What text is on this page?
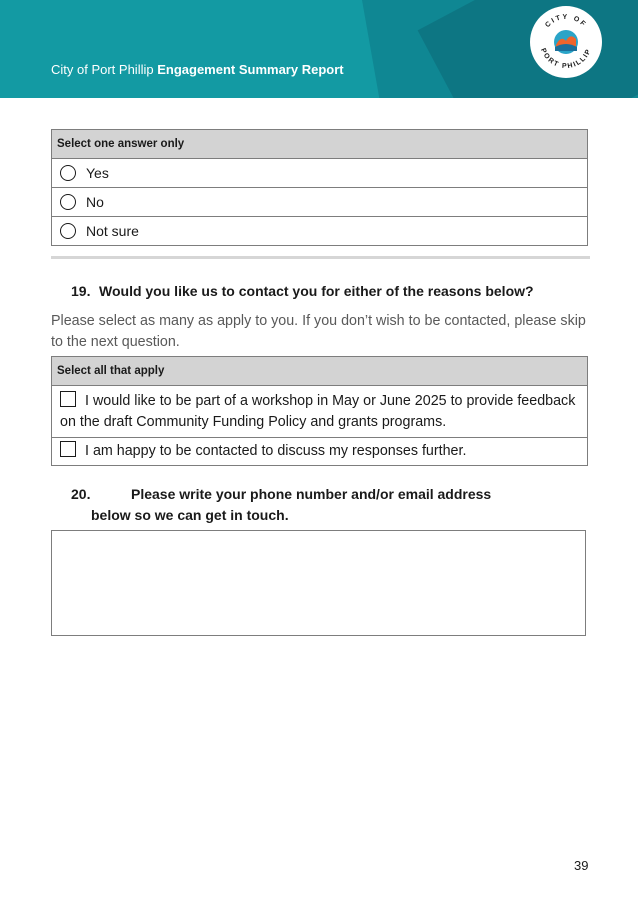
City of Port Phillip Engagement Summary Report
CITY OF
PORT PHILLIP
Select one answer only
Yes
No
Not sure
19. Would you like us to contact you for either of the reasons below?
Please select as many as apply to you. If you don’t wish to be contacted, please skip to the next question.
Select all that apply
I would like to be part of a workshop in May or June 2025 to provide feedback on the draft Community Funding Policy and grants programs.
I am happy to be contacted to discuss my responses further.
20.	Please write your phone number and/or email address
below so we can get in touch.
39
